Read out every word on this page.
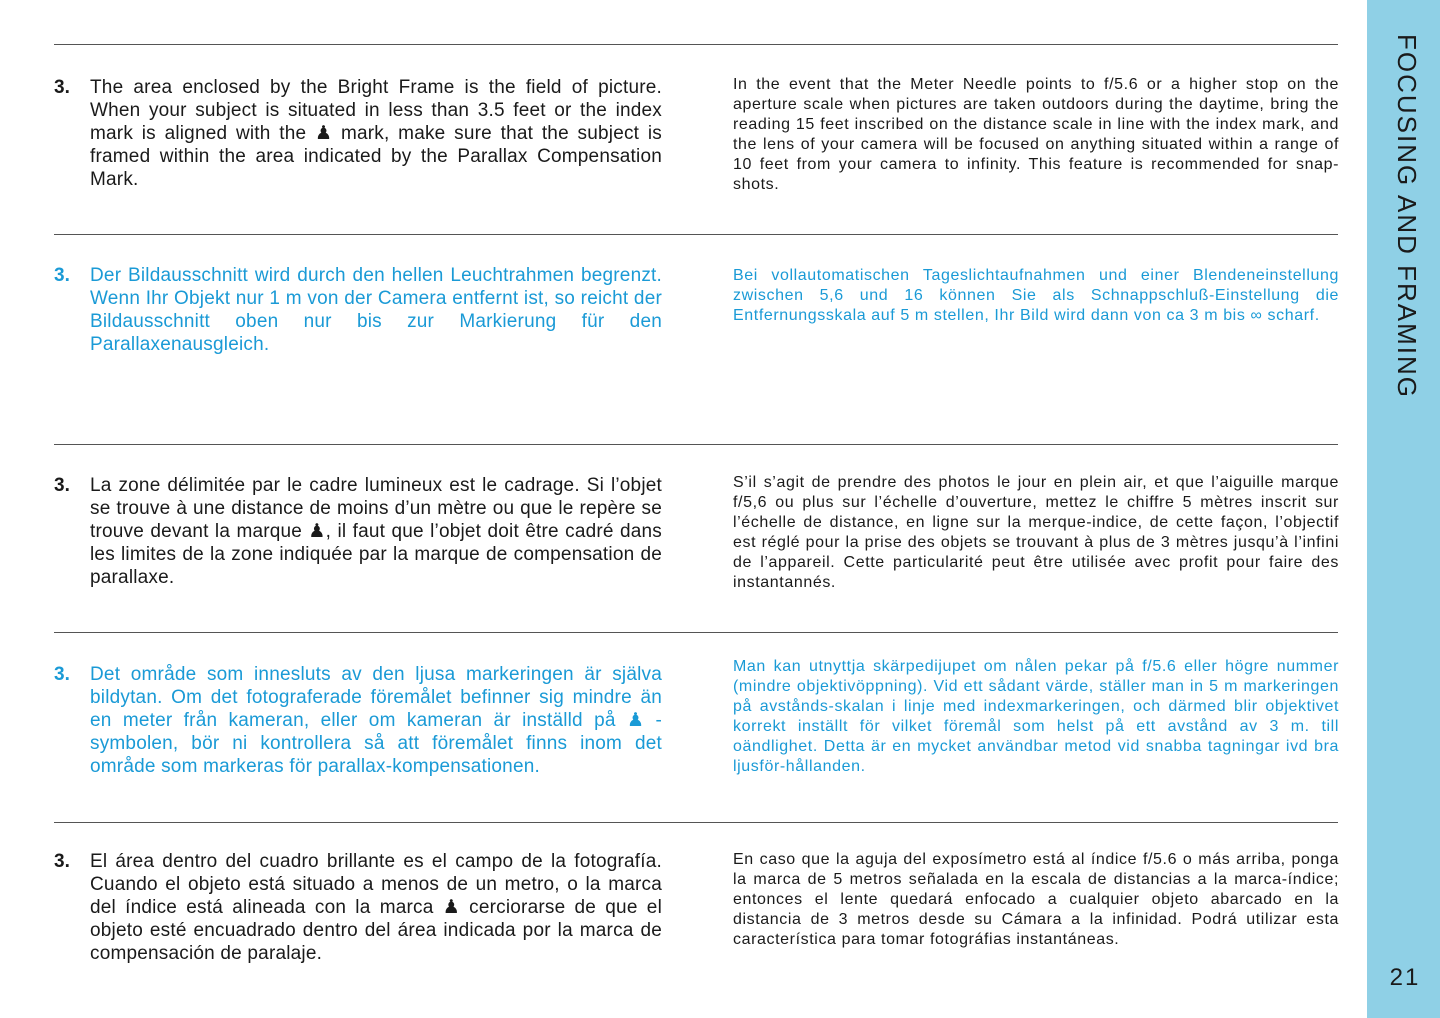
3.	The area enclosed by the Bright Frame is the field of picture. When your subject is situated in less than 3.5 feet or the index mark is aligned with the ♟ mark, make sure that the subject is framed within the area indicated by the Parallax Compensation Mark.
In the event that the Meter Needle points to f/5.6 or a higher stop on the aperture scale when pictures are taken outdoors during the daytime, bring the reading 15 feet inscribed on the distance scale in line with the index mark, and the lens of your camera will be focused on anything situated within a range of 10 feet from your camera to infinity. This feature is recommended for snap-shots.
3.	Der Bildausschnitt wird durch den hellen Leuchtrahmen begrenzt. Wenn Ihr Objekt nur 1 m von der Camera entfernt ist, so reicht der Bildausschnitt oben nur bis zur Markierung für den Parallaxenausgleich.
Bei vollautomatischen Tageslichtaufnahmen und einer Blendeneinstellung zwischen 5,6 und 16 können Sie als Schnappschluß-Einstellung die Entfernungsskala auf 5 m stellen, Ihr Bild wird dann von ca 3 m bis ∞ scharf.
3.	La zone délimitée par le cadre lumineux est le cadrage. Si l’objet se trouve à une distance de moins d’un mètre ou que le repère se trouve devant la marque ♟, il faut que l’objet doit être cadré dans les limites de la zone indiquée par la marque de compensation de parallaxe.
S’il s’agit de prendre des photos le jour en plein air, et que l’aiguille marque f/5,6 ou plus sur l’échelle d’ouverture, mettez le chiffre 5 mètres inscrit sur l’échelle de distance, en ligne sur la merque-indice, de cette façon, l’objectif est réglé pour la prise des objets se trouvant à plus de 3 mètres jusqu’à l’infini de l’appareil. Cette particularité peut être utilisée avec profit pour faire des instantannés.
3.	Det område som innesluts av den ljusa markeringen är själva bildytan. Om det fotograferade föremålet befinner sig mindre än en meter från kameran, eller om kameran är inställd på ♟ -symbolen, bör ni kontrollera så att föremålet finns inom det område som markeras för parallax-kompensationen.
Man kan utnyttja skärpedijupet om nålen pekar på f/5.6 eller högre nummer (mindre objektivöppning). Vid ett sådant värde, ställer man in 5 m markeringen på avstånds-skalan i linje med indexmarkeringen, och därmed blir objektivet korrekt inställt för vilket föremål som helst på ett avstånd av 3 m. till oändlighet. Detta är en mycket användbar metod vid snabba tagningar ivd bra ljusför-hållanden.
3.	El área dentro del cuadro brillante es el campo de la fotografía. Cuando el objeto está situado a menos de un metro, o la marca del índice está alineada con la marca ♟ cerciorarse de que el objeto esté encuadrado dentro del área indicada por la marca de compensación de paralaje.
En caso que la aguja del exposímetro está al índice f/5.6 o más arriba, ponga la marca de 5 metros señalada en la escala de distancias a la marca-índice; entonces el lente quedará enfocado a cualquier objeto abarcado en la distancia de 3 metros desde su Cámara a la infinidad. Podrá utilizar esta característica para tomar fotográfias instantáneas.
FOCUSING AND FRAMING
21
